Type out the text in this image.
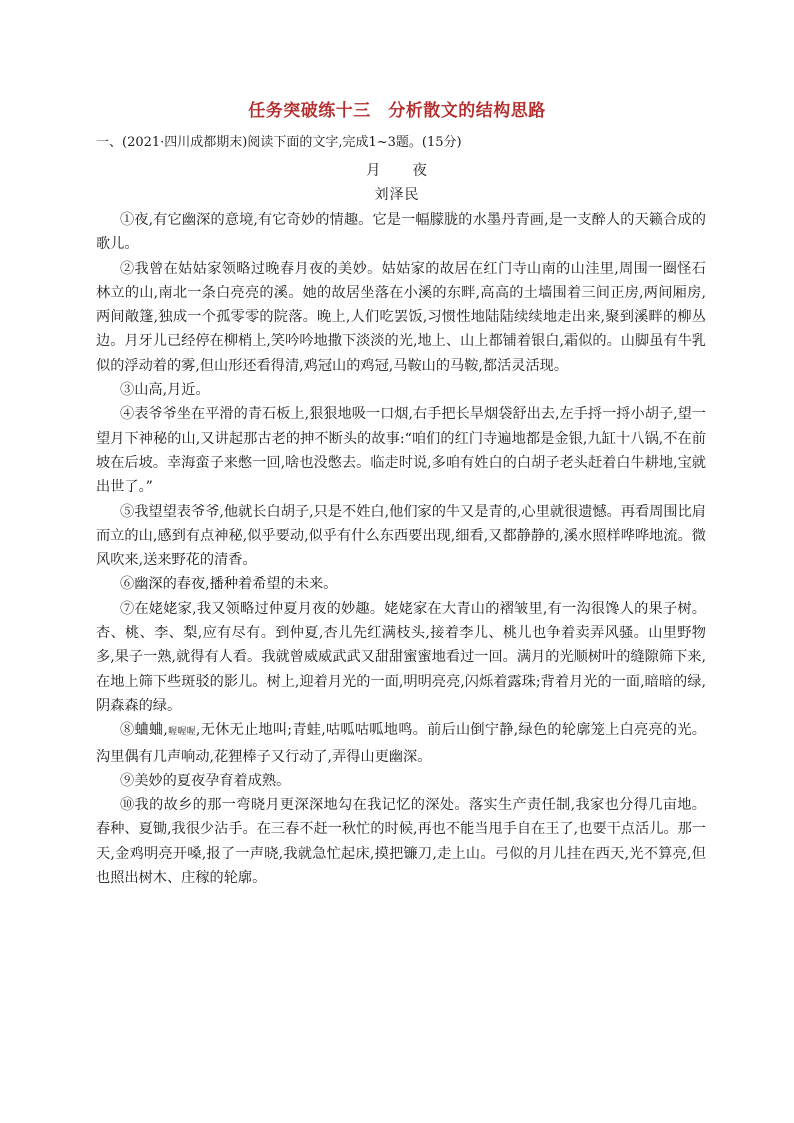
任务突破练十三　分析散文的结构思路
一、(2021·四川成都期末)阅读下面的文字,完成1~3题。(15分)
月　　夜
刘泽民

①夜,有它幽深的意境,有它奇妙的情趣。它是一幅朦胧的水墨丹青画,是一支醉人的天籁合成的歌儿。

②我曾在姑姑家领略过晚春月夜的美妙。姑姑家的故居在红门寺山南的山洼里,周围一圈怪石林立的山,南北一条白亮亮的溪。她的故居坐落在小溪的东畔,高高的土墙围着三间正房,两间厢房,两间敞篷,独成一个孤零零的院落。晚上,人们吃罢饭,习惯性地陆陆续续地走出来,聚到溪畔的柳丛边。月牙儿已经停在柳梢上,笑吟吟地撒下淡淡的光,地上、山上都铺着银白,霜似的。山脚虽有牛乳似的浮动着的雾,但山形还看得清,鸡冠山的鸡冠,马鞍山的马鞍,都活灵活现。

③山高,月近。

④表爷爷坐在平滑的青石板上,狠狠地吸一口烟,右手把长旱烟袋舒出去,左手捋一捋小胡子,望一望月下神秘的山,又讲起那古老的抻不断头的故事:“咱们的红门寺遍地都是金银,九缸十八锅,不在前坡在后坡。幸海蛮子来憋一回,啥也没憋去。临走时说,多咱有姓白的白胡子老头赶着白牛耕地,宝就出世了。”

⑤我望望表爷爷,他就长白胡子,只是不姓白,他们家的牛又是青的,心里就很遗憾。再看周围比肩而立的山,感到有点神秘,似乎要动,似乎有什么东西要出现,细看,又都静静的,溪水照样哗哗地流。微风吹来,送来野花的清香。

⑥幽深的春夜,播种着希望的未来。

⑦在姥姥家,我又领略过仲夏月夜的妙趣。姥姥家在大青山的褶皱里,有一沟很馋人的果子树。杏、桃、李、梨,应有尽有。到仲夏,杏儿先红满枝头,接着李儿、桃儿也争着卖弄风骚。山里野物多,果子一熟,就得有人看。我就曾威威武武又甜甜蜜蜜地看过一回。满月的光顺树叶的缝隙筛下来,在地上筛下些斑驳的影儿。树上,迎着月光的一面,明明亮亮,闪烁着露珠;背着月光的一面,暗暗的绿,阴森森的绿。

⑧蛐蛐,喔喔喔,无休无止地叫;青蛙,咕呱咕呱地鸣。前后山倒宁静,绿色的轮廓笼上白亮亮的光。沟里偶有几声响动,花狸棒子又行动了,弄得山更幽深。

⑨美妙的夏夜孕育着成熟。

⑩我的故乡的那一弯晓月更深深地勾在我记忆的深处。落实生产责任制,我家也分得几亩地。春种、夏锄,我很少沾手。在三春不赶一秋忙的时候,再也不能当甩手自在王了,也要干点活儿。那一天,金鸡明亮开嗓,报了一声晓,我就急忙起床,摸把镰刀,走上山。弓似的月儿挂在西天,光不算亮,但也照出树木、庄稼的轮廓。
